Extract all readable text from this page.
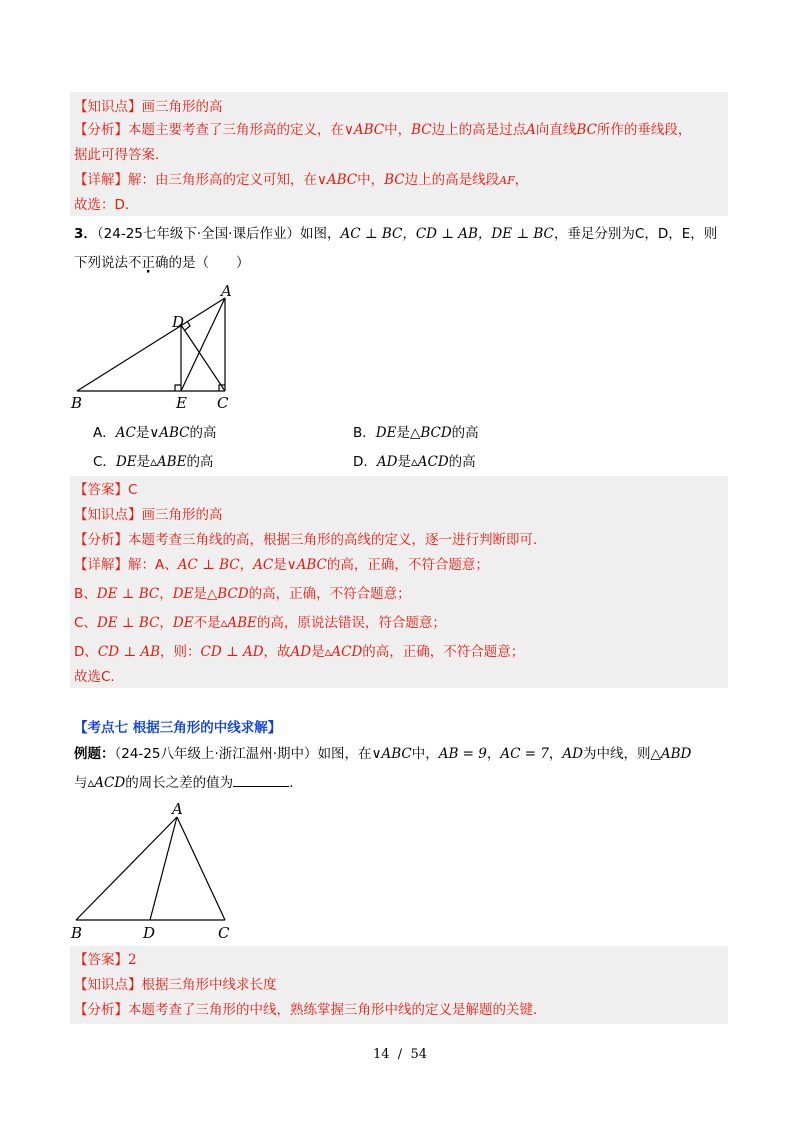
【知识点】画三角形的高
【分析】本题主要考查了三角形高的定义，在∨ABC中，BC边上的高是过点A向直线BC所作的垂线段，
据此可得答案．
【详解】解：由三角形高的定义可知，在∨ABC中，BC边上的高是线段AF，
故选：D．
3．（24-25七年级下·全国·课后作业）如图，AC ⊥ BC，CD ⊥ AB，DE ⊥ BC，垂足分别为C，D，E，则
下列说法不正确的是（　　）
A
D
B	E C
A．AC是∨ABC的高	B．DE是△BCD的高
C．DE是▵ABE的高	D．AD是▵ACD的高
【答案】C
【知识点】画三角形的高
【分析】本题考查三角线的高，根据三角形的高线的定义，逐一进行判断即可．
【详解】解：A、AC ⊥ BC，AC是∨ABC的高，正确，不符合题意；
B、DE ⊥ BC，DE是△BCD的高，正确，不符合题意；
C、DE ⊥ BC，DE不是▵ABE的高，原说法错误，符合题意；
D、CD ⊥ AB，则：CD ⊥ AD，故AD是▵ACD的高，正确，不符合题意；
故选C．
【考点七 根据三角形的中线求解】
例题：（24-25八年级上·浙江温州·期中）如图，在∨ABC中，AB = 9，AC = 7，AD为中线，则△ABD
与▵ACD的周长之差的值为	．
A
B	D	C
【答案】2
【知识点】根据三角形中线求长度
【分析】本题考查了三角形的中线，熟练掌握三角形中线的定义是解题的关键．
14 / 54
